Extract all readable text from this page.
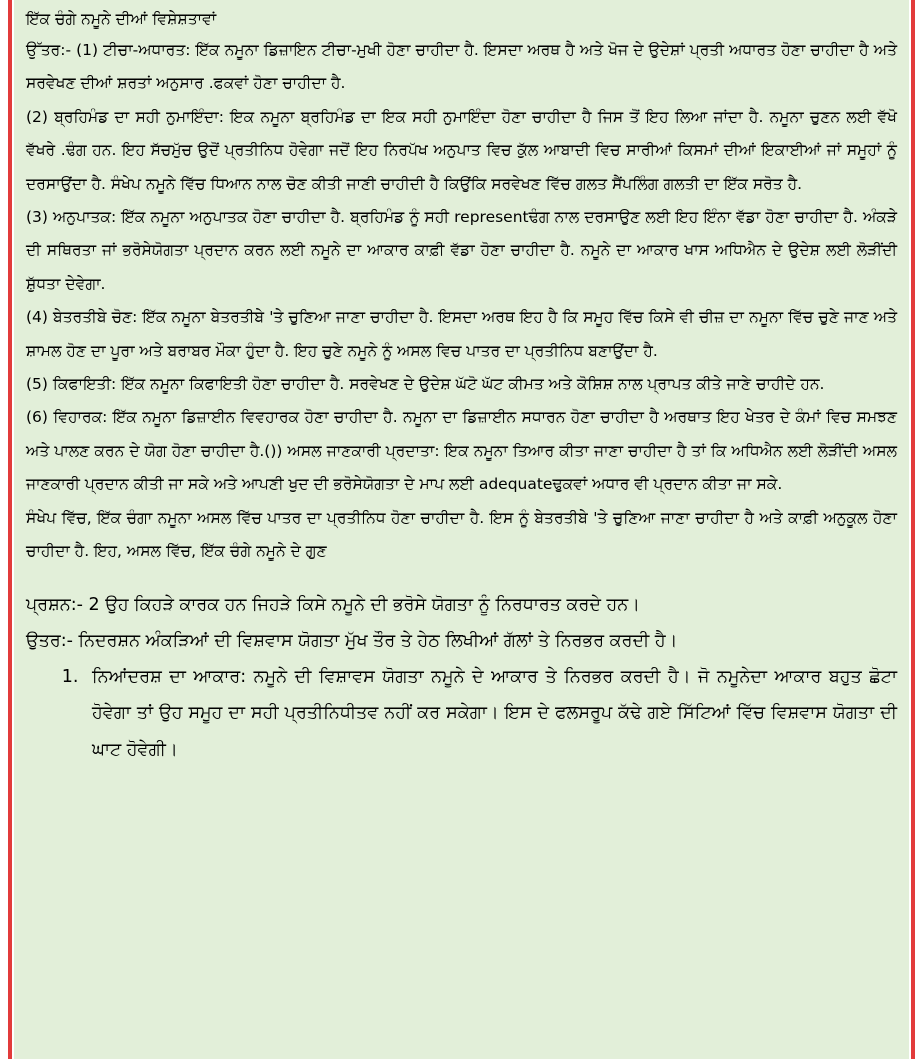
ਇੱਕ ਚੰਗੇ ਨਮੂਨੇ ਦੀਆਂ ਵਿਸ਼ੇਸ਼ਤਾਵਾਂ

ਉੱਤਰ:- (1) ਟੀਚਾ-ਅਧਾਰਤ: ਇੱਕ ਨਮੂਨਾ ਡਿਜ਼ਾਇਨ ਟੀਚਾ-ਮੁਖੀ ਹੋਣਾ ਚਾਹੀਦਾ ਹੈ. ਇਸਦਾ ਅਰਥ ਹੈ ਅਤੇ ਖੋਜ ਦੇ ਉਦੇਸ਼ਾਂ ਪ੍ਰਤੀ ਅਧਾਰਤ ਹੋਣਾ ਚਾਹੀਦਾ ਹੈ ਅਤੇ ਸਰਵੇਖਣ ਦੀਆਂ ਸ਼ਰਤਾਂ ਅਨੁਸਾਰ .ਫਕਵਾਂ ਹੋਣਾ ਚਾਹੀਦਾ ਹੈ.

(2) ਬ੍ਰਹਿਮੰਡ ਦਾ ਸਹੀ ਨੁਮਾਇੰਦਾ: ਇਕ ਨਮੂਨਾ ਬ੍ਰਹਿਮੰਡ ਦਾ ਇਕ ਸਹੀ ਨੁਮਾਇੰਦਾ ਹੋਣਾ ਚਾਹੀਦਾ ਹੈ ਜਿਸ ਤੋਂ ਇਹ ਲਿਆ ਜਾਂਦਾ ਹੈ. ਨਮੂਨਾ ਚੁਣਨ ਲਈ ਵੱਖੋ ਵੱਖਰੇ .ਢੰਗ ਹਨ. ਇਹ ਸੱਚਮੁੱਚ ਉਦੋਂ ਪ੍ਰਤੀਨਿਧ ਹੋਵੇਗਾ ਜਦੋਂ ਇਹ ਨਿਰਪੱਖ ਅਨੁਪਾਤ ਵਿਚ ਕੁੱਲ ਆਬਾਦੀ ਵਿਚ ਸਾਰੀਆਂ ਕਿਸਮਾਂ ਦੀਆਂ ਇਕਾਈਆਂ ਜਾਂ ਸਮੂਹਾਂ ਨੂੰ ਦਰਸਾਉਂਦਾ ਹੈ. ਸੰਖੇਪ ਨਮੂਨੇ ਵਿੱਚ ਧਿਆਨ ਨਾਲ ਚੋਣ ਕੀਤੀ ਜਾਣੀ ਚਾਹੀਦੀ ਹੈ ਕਿਉਂਕਿ ਸਰਵੇਖਣ ਵਿੱਚ ਗਲਤ ਸੈਂਪਲਿੰਗ ਗਲਤੀ ਦਾ ਇੱਕ ਸਰੋਤ ਹੈ.

(3) ਅਨੁਪਾਤਕ: ਇੱਕ ਨਮੂਨਾ ਅਨੁਪਾਤਕ ਹੋਣਾ ਚਾਹੀਦਾ ਹੈ. ਬ੍ਰਹਿਮੰਡ ਨੂੰ ਸਹੀ representਢੰਗ ਨਾਲ ਦਰਸਾਉਣ ਲਈ ਇਹ ਇੰਨਾ ਵੱਡਾ ਹੋਣਾ ਚਾਹੀਦਾ ਹੈ. ਅੰਕੜੇ ਦੀ ਸਥਿਰਤਾ ਜਾਂ ਭਰੋਸੇਯੋਗਤਾ ਪ੍ਰਦਾਨ ਕਰਨ ਲਈ ਨਮੂਨੇ ਦਾ ਆਕਾਰ ਕਾਫ਼ੀ ਵੱਡਾ ਹੋਣਾ ਚਾਹੀਦਾ ਹੈ. ਨਮੂਨੇ ਦਾ ਆਕਾਰ ਖਾਸ ਅਧਿਐਨ ਦੇ ਉਦੇਸ਼ ਲਈ ਲੋੜੀਂਦੀ ਸ਼ੁੱਧਤਾ ਦੇਵੇਗਾ.

(4) ਬੇਤਰਤੀਬੇ ਚੋਣ: ਇੱਕ ਨਮੂਨਾ ਬੇਤਰਤੀਬੇ 'ਤੇ ਚੁਣਿਆ ਜਾਣਾ ਚਾਹੀਦਾ ਹੈ. ਇਸਦਾ ਅਰਥ ਇਹ ਹੈ ਕਿ ਸਮੂਹ ਵਿੱਚ ਕਿਸੇ ਵੀ ਚੀਜ਼ ਦਾ ਨਮੂਨਾ ਵਿੱਚ ਚੁਣੇ ਜਾਣ ਅਤੇ ਸ਼ਾਮਲ ਹੋਣ ਦਾ ਪੂਰਾ ਅਤੇ ਬਰਾਬਰ ਮੌਕਾ ਹੁੰਦਾ ਹੈ. ਇਹ ਚੁਣੇ ਨਮੂਨੇ ਨੂੰ ਅਸਲ ਵਿਚ ਪਾਤਰ ਦਾ ਪ੍ਰਤੀਨਿਧ ਬਣਾਉਂਦਾ ਹੈ.

(5) ਕਿਫਾਇਤੀ: ਇੱਕ ਨਮੂਨਾ ਕਿਫਾਇਤੀ ਹੋਣਾ ਚਾਹੀਦਾ ਹੈ. ਸਰਵੇਖਣ ਦੇ ਉਦੇਸ਼ ਘੱਟੋ ਘੱਟ ਕੀਮਤ ਅਤੇ ਕੋਸ਼ਿਸ਼ ਨਾਲ ਪ੍ਰਾਪਤ ਕੀਤੇ ਜਾਣੇ ਚਾਹੀਦੇ ਹਨ.

(6) ਵਿਹਾਰਕ: ਇੱਕ ਨਮੂਨਾ ਡਿਜ਼ਾਈਨ ਵਿਵਹਾਰਕ ਹੋਣਾ ਚਾਹੀਦਾ ਹੈ. ਨਮੂਨਾ ਦਾ ਡਿਜ਼ਾਈਨ ਸਧਾਰਨ ਹੋਣਾ ਚਾਹੀਦਾ ਹੈ ਅਰਥਾਤ ਇਹ ਖੇਤਰ ਦੇ ਕੰਮਾਂ ਵਿਚ ਸਮਝਣ ਅਤੇ ਪਾਲਣ ਕਰਨ ਦੇ ਯੋਗ ਹੋਣਾ ਚਾਹੀਦਾ ਹੈ.()) ਅਸਲ ਜਾਣਕਾਰੀ ਪ੍ਰਦਾਤਾ: ਇਕ ਨਮੂਨਾ ਤਿਆਰ ਕੀਤਾ ਜਾਣਾ ਚਾਹੀਦਾ ਹੈ ਤਾਂ ਕਿ ਅਧਿਐਨ ਲਈ ਲੋੜੀਂਦੀ ਅਸਲ ਜਾਣਕਾਰੀ ਪ੍ਰਦਾਨ ਕੀਤੀ ਜਾ ਸਕੇ ਅਤੇ ਆਪਣੀ ਖੁਦ ਦੀ ਭਰੋਸੇਯੋਗਤਾ ਦੇ ਮਾਪ ਲਈ adequateਢੁਕਵਾਂ ਅਧਾਰ ਵੀ ਪ੍ਰਦਾਨ ਕੀਤਾ ਜਾ ਸਕੇ.

ਸੰਖੇਪ ਵਿੱਚ, ਇੱਕ ਚੰਗਾ ਨਮੂਨਾ ਅਸਲ ਵਿੱਚ ਪਾਤਰ ਦਾ ਪ੍ਰਤੀਨਿਧ ਹੋਣਾ ਚਾਹੀਦਾ ਹੈ. ਇਸ ਨੂੰ ਬੇਤਰਤੀਬੇ 'ਤੇ ਚੁਣਿਆ ਜਾਣਾ ਚਾਹੀਦਾ ਹੈ ਅਤੇ ਕਾਫ਼ੀ ਅਨੁਕੂਲ ਹੋਣਾ ਚਾਹੀਦਾ ਹੈ. ਇਹ, ਅਸਲ ਵਿੱਚ, ਇੱਕ ਚੰਗੇ ਨਮੂਨੇ ਦੇ ਗੁਣ

ਪ੍ਰਸ਼ਨ:- 2 ਉਹ ਕਿਹੜੇ ਕਾਰਕ ਹਨ ਜਿਹੜੇ ਕਿਸੇ ਨਮੂਨੇ ਦੀ ਭਰੋਸੇ ਯੋਗਤਾ ਨੂੰ ਨਿਰਧਾਰਤ ਕਰਦੇ ਹਨ।

ਉਤਰ:- ਨਿਦਰਸ਼ਨ ਅੰਕੜਿਆਂ ਦੀ ਵਿਸ਼ਵਾਸ ਯੋਗਤਾ ਮੁੱਖ ਤੌਰ ਤੇ ਹੇਠ ਲਿਖੀਆਂ ਗੱਲਾਂ ਤੇ ਨਿਰਭਰ ਕਰਦੀ ਹੈ।

1. ਨਿਆਂਦਰਸ਼ ਦਾ ਆਕਾਰ: ਨਮੂਨੇ ਦੀ ਵਿਸ਼ਾਵਸ ਯੋਗਤਾ ਨਮੂਨੇ ਦੇ ਆਕਾਰ ਤੇ ਨਿਰਭਰ ਕਰਦੀ ਹੈ। ਜੋ ਨਮੂਨੇਦਾ ਆਕਾਰ ਬਹੁਤ ਛੋਟਾ ਹੋਵੇਗਾ ਤਾਂ ਉਹ ਸਮੂਹ ਦਾ ਸਹੀ ਪ੍ਰਤੀਨਿਧੀਤਵ ਨਹੀਂ ਕਰ ਸਕੇਗਾ। ਇਸ ਦੇ ਫਲਸਰੂਪ ਕੱਢੇ ਗਏ ਸਿੱਟਿਆਂ ਵਿੱਚ ਵਿਸ਼ਵਾਸ ਯੋਗਤਾ ਦੀ ਘਾਟ ਹੋਵੇਗੀ।
